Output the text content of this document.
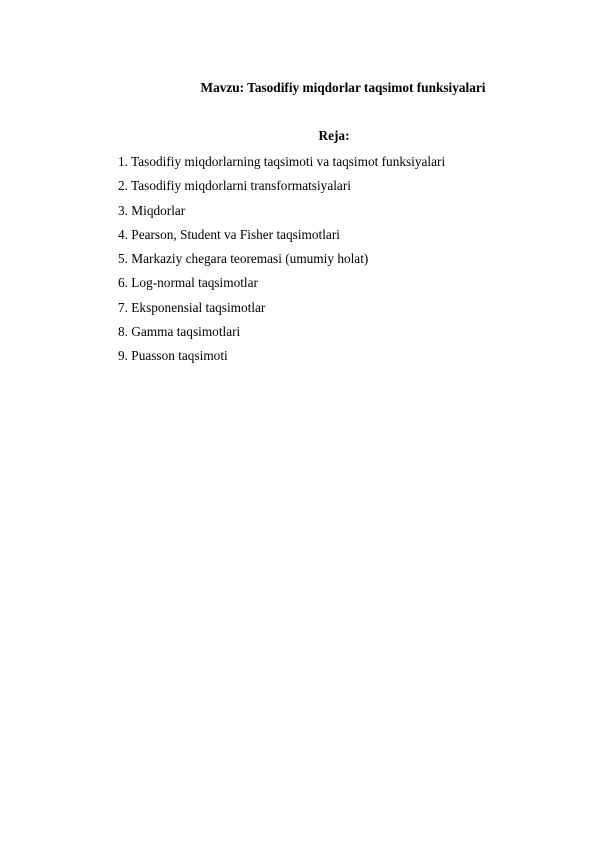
Mavzu: Tasodifiy miqdorlar taqsimot funksiyalari
Reja:
1. Tasodifiy miqdorlarning taqsimoti va taqsimot funksiyalari
2. Tasodifiy miqdorlarni transformatsiyalari
3. Miqdorlar
4. Pearson, Student va Fisher taqsimotlari
5. Markaziy chegara teoremasi (umumiy holat)
6. Log-normal taqsimotlar
7. Eksponensial taqsimotlar
8. Gamma taqsimotlari
9. Puasson taqsimoti
